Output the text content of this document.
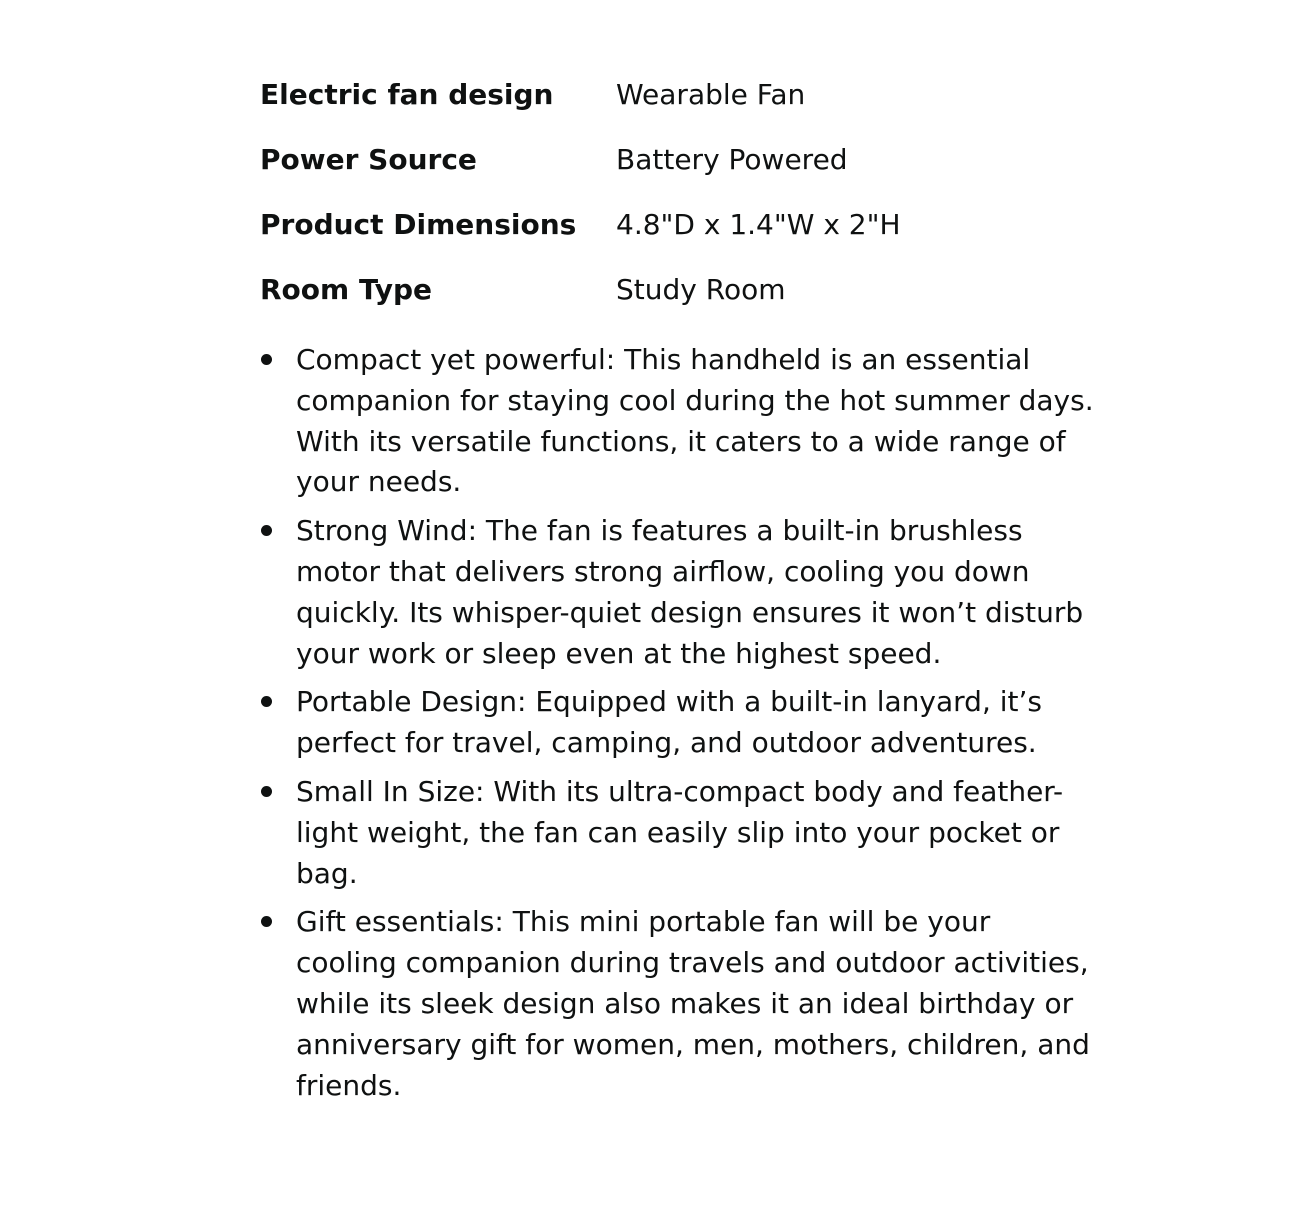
Electric fan design	Wearable Fan
Power Source	Battery Powered
Product Dimensions	4.8"D x 1.4"W x 2"H
Room Type	Study Room
Compact yet powerful: This handheld is an essential companion for staying cool during the hot summer days. With its versatile functions, it caters to a wide range of your needs.
Strong Wind: The fan is features a built-in brushless motor that delivers strong airflow, cooling you down quickly. Its whisper-quiet design ensures it won’t disturb your work or sleep even at the highest speed.
Portable Design: Equipped with a built-in lanyard, it’s perfect for travel, camping, and outdoor adventures.
Small In Size: With its ultra-compact body and feather-light weight, the fan can easily slip into your pocket or bag.
Gift essentials: This mini portable fan will be your cooling companion during travels and outdoor activities, while its sleek design also makes it an ideal birthday or anniversary gift for women, men, mothers, children, and friends.
